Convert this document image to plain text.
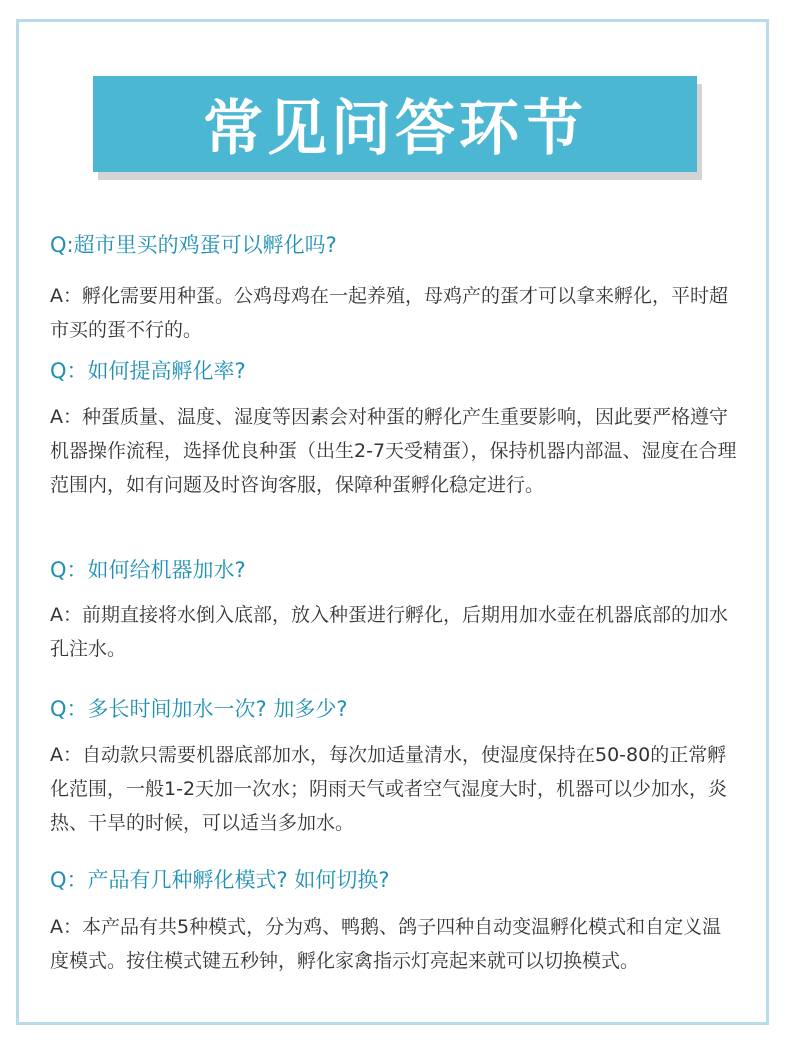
常见问答环节
Q:超市里买的鸡蛋可以孵化吗?
A：孵化需要用种蛋。公鸡母鸡在一起养殖，母鸡产的蛋才可以拿来孵化，平时超市买的蛋不行的。
Q：如何提高孵化率?
A：种蛋质量、温度、湿度等因素会对种蛋的孵化产生重要影响，因此要严格遵守机器操作流程，选择优良种蛋（出生2-7天受精蛋），保持机器内部温、湿度在合理范围内，如有问题及时咨询客服，保障种蛋孵化稳定进行。
Q：如何给机器加水?
A：前期直接将水倒入底部，放入种蛋进行孵化，后期用加水壶在机器底部的加水孔注水。
Q：多长时间加水一次? 加多少?
A：自动款只需要机器底部加水，每次加适量清水，使湿度保持在50-80的正常孵化范围，一般1-2天加一次水；阴雨天气或者空气湿度大时，机器可以少加水，炎热、干旱的时候，可以适当多加水。
Q：产品有几种孵化模式? 如何切换?
A：本产品有共5种模式，分为鸡、鸭鹅、鸽子四种自动变温孵化模式和自定义温度模式。按住模式键五秒钟，孵化家禽指示灯亮起来就可以切换模式。
